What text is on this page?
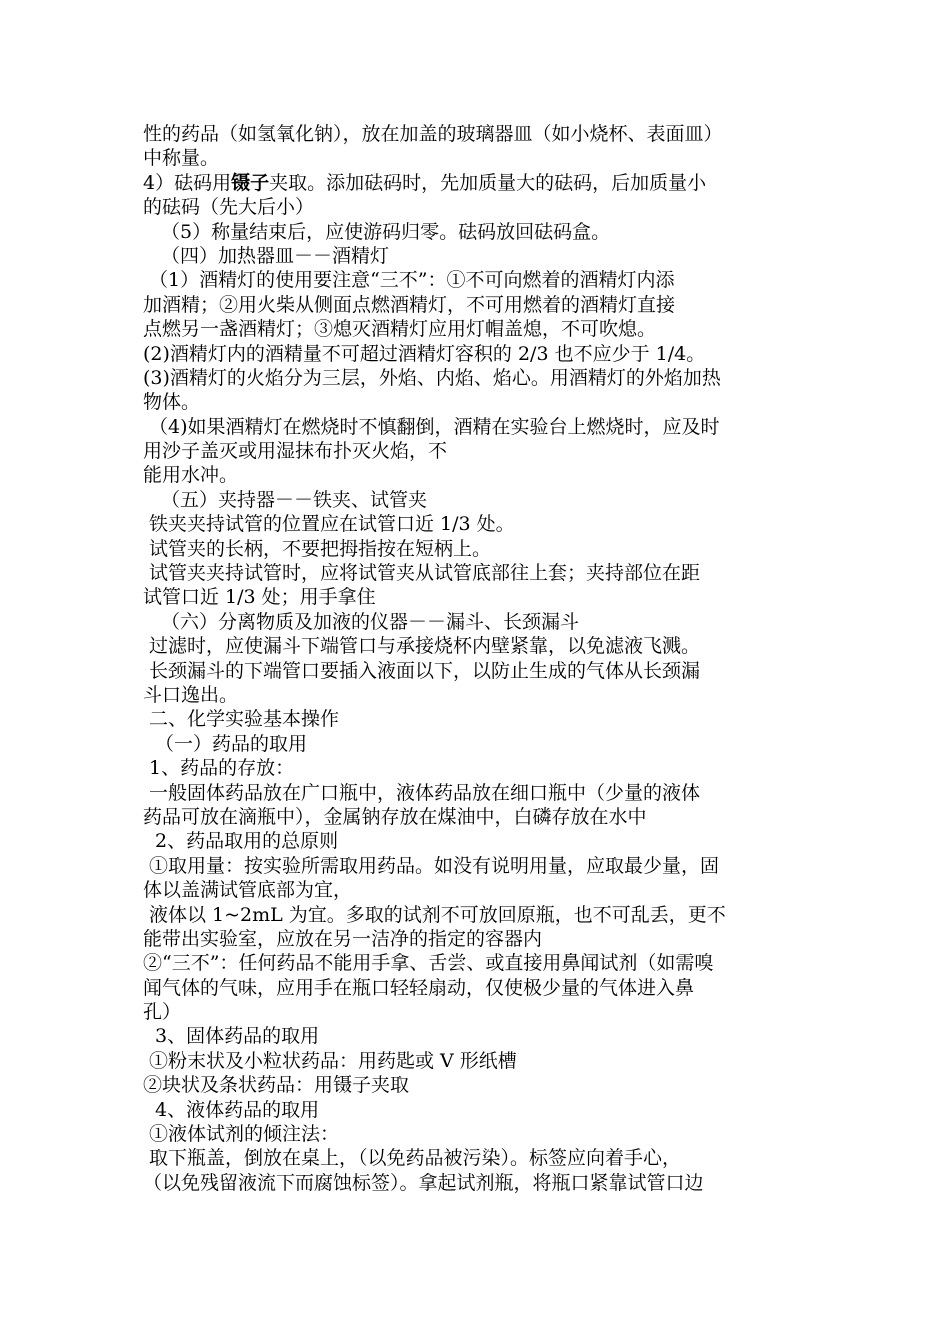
性的药品（如氢氧化钠），放在加盖的玻璃器皿（如小烧杯、表面皿）
中称量。
4）砝码用镊子夹取。添加砝码时，先加质量大的砝码，后加质量小
的砝码（先大后小）
（5）称量结束后，应使游码归零。砝码放回砝码盒。
（四）加热器皿－－酒精灯
（1）酒精灯的使用要注意“三不”：①不可向燃着的酒精灯内添
加酒精；②用火柴从侧面点燃酒精灯，不可用燃着的酒精灯直接
点燃另一盏酒精灯；③熄灭酒精灯应用灯帽盖熄，不可吹熄。
(2)酒精灯内的酒精量不可超过酒精灯容积的 2/3 也不应少于 1/4。
(3)酒精灯的火焰分为三层，外焰、内焰、焰心。用酒精灯的外焰加热
物体。
（4)如果酒精灯在燃烧时不慎翻倒，酒精在实验台上燃烧时，应及时
用沙子盖灭或用湿抹布扑灭火焰，不
能用水冲。
（五）夹持器－－铁夹、试管夹
铁夹夹持试管的位置应在试管口近 1/3 处。
试管夹的长柄，不要把拇指按在短柄上。
试管夹夹持试管时，应将试管夹从试管底部往上套；夹持部位在距
试管口近 1/3 处；用手拿住
（六）分离物质及加液的仪器－－漏斗、长颈漏斗
过滤时，应使漏斗下端管口与承接烧杯内壁紧靠，以免滤液飞溅。
长颈漏斗的下端管口要插入液面以下，以防止生成的气体从长颈漏
斗口逸出。
二、化学实验基本操作
（一）药品的取用
1、药品的存放：
一般固体药品放在广口瓶中，液体药品放在细口瓶中（少量的液体
药品可放在滴瓶中），金属钠存放在煤油中，白磷存放在水中
2、药品取用的总原则
①取用量：按实验所需取用药品。如没有说明用量，应取最少量，固
体以盖满试管底部为宜，
液体以 1~2mL 为宜。多取的试剂不可放回原瓶，也不可乱丢，更不
能带出实验室，应放在另一洁净的指定的容器内
②“三不”：任何药品不能用手拿、舌尝、或直接用鼻闻试剂（如需嗅
闻气体的气味，应用手在瓶口轻轻扇动，仅使极少量的气体进入鼻
孔）
3、固体药品的取用
①粉末状及小粒状药品：用药匙或 V 形纸槽
②块状及条状药品：用镊子夹取
4、液体药品的取用
①液体试剂的倾注法：
取下瓶盖，倒放在桌上，（以免药品被污染）。标签应向着手心，
（以免残留液流下而腐蚀标签）。拿起试剂瓶，将瓶口紧靠试管口边
